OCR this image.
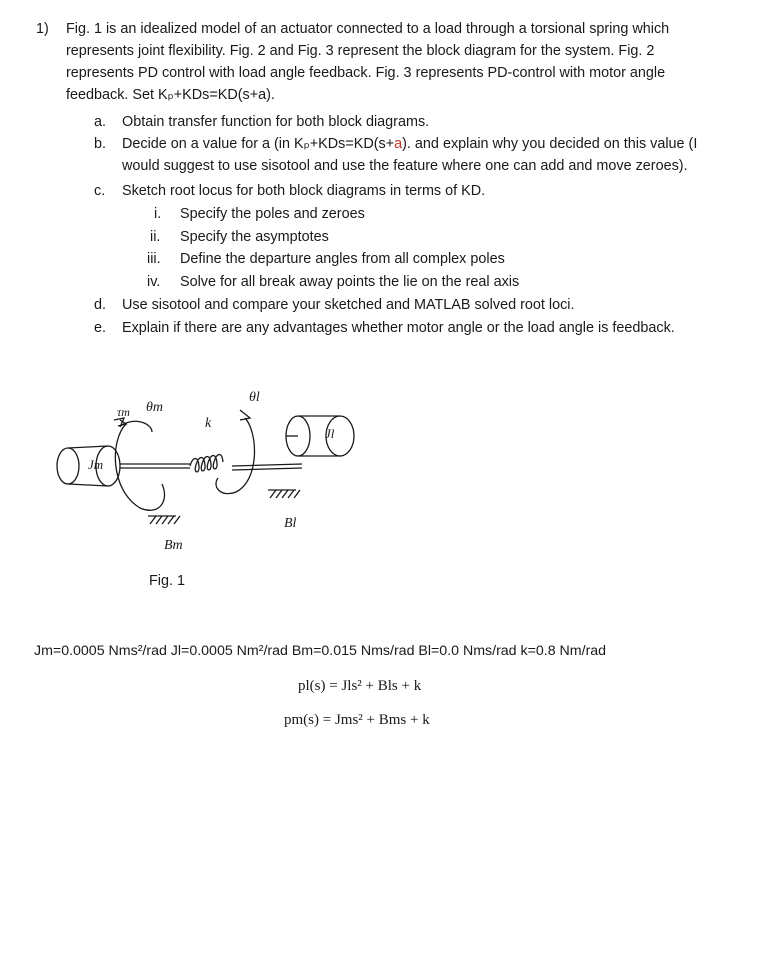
1) Fig. 1 is an idealized model of an actuator connected to a load through a torsional spring which
represents joint flexibility. Fig. 2 and Fig. 3 represent the block diagram for the system. Fig. 2
represents PD control with load angle feedback. Fig. 3 represents PD-control with motor angle
feedback. Set Kₚ+KDs=KD(s+a).
a. Obtain transfer function for both block diagrams.
b. Decide on a value for a (in Kₚ+KDs=KD(s+a). and explain why you decided on this value (I
would suggest to use sisotool and use the feature where one can add and move zeroes).
c. Sketch root locus for both block diagrams in terms of KD.
i. Specify the poles and zeroes
ii. Specify the asymptotes
iii. Define the departure angles from all complex poles
iv. Solve for all break away points the lie on the real axis
d. Use sisotool and compare your sketched and MATLAB solved root loci.
e. Explain if there are any advantages whether motor angle or the load angle is feedback.
τm θm
k
θl
Jl
Jm
Bl
Bm
Fig. 1
Jm=0.0005 Nms²/rad Jl=0.0005 Nm²/rad Bm=0.015 Nms/rad Bl=0.0 Nms/rad k=0.8 Nm/rad
pl(s) = Jls² + Bls + k
pm(s) = Jms² + Bms + k
